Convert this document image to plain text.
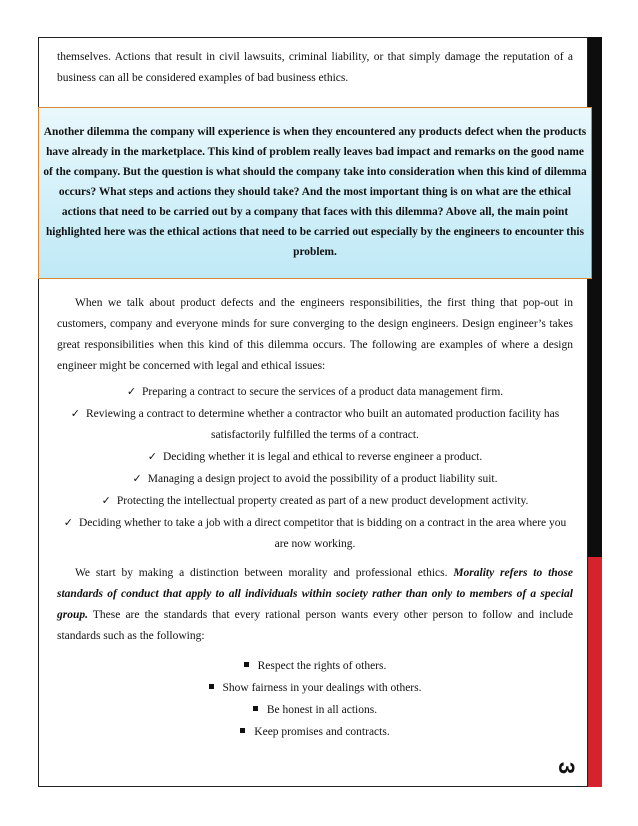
themselves. Actions that result in civil lawsuits, criminal liability, or that simply damage the reputation of a business can all be considered examples of bad business ethics.

Another dilemma the company will experience is when they encountered any products defect when the products have already in the marketplace. This kind of problem really leaves bad impact and remarks on the good name of the company. But the question is what should the company take into consideration when this kind of dilemma occurs? What steps and actions they should take? And the most important thing is on what are the ethical actions that need to be carried out by a company that faces with this dilemma? Above all, the main point highlighted here was the ethical actions that need to be carried out especially by the engineers to encounter this problem.

When we talk about product defects and the engineers responsibilities, the first thing that pop-out in customers, company and everyone minds for sure converging to the design engineers. Design engineer’s takes great responsibilities when this kind of this dilemma occurs. The following are examples of where a design engineer might be concerned with legal and ethical issues:

✓ Preparing a contract to secure the services of a product data management firm.
✓ Reviewing a contract to determine whether a contractor who built an automated production facility has satisfactorily fulfilled the terms of a contract.
✓ Deciding whether it is legal and ethical to reverse engineer a product.
✓ Managing a design project to avoid the possibility of a product liability suit.
✓ Protecting the intellectual property created as part of a new product development activity.
✓ Deciding whether to take a job with a direct competitor that is bidding on a contract in the area where you are now working.

We start by making a distinction between morality and professional ethics. Morality refers to those standards of conduct that apply to all individuals within society rather than only to members of a special group. These are the standards that every rational person wants every other person to follow and include standards such as the following:

Respect the rights of others.
Show fairness in your dealings with others.
Be honest in all actions.
Keep promises and contracts.
3
